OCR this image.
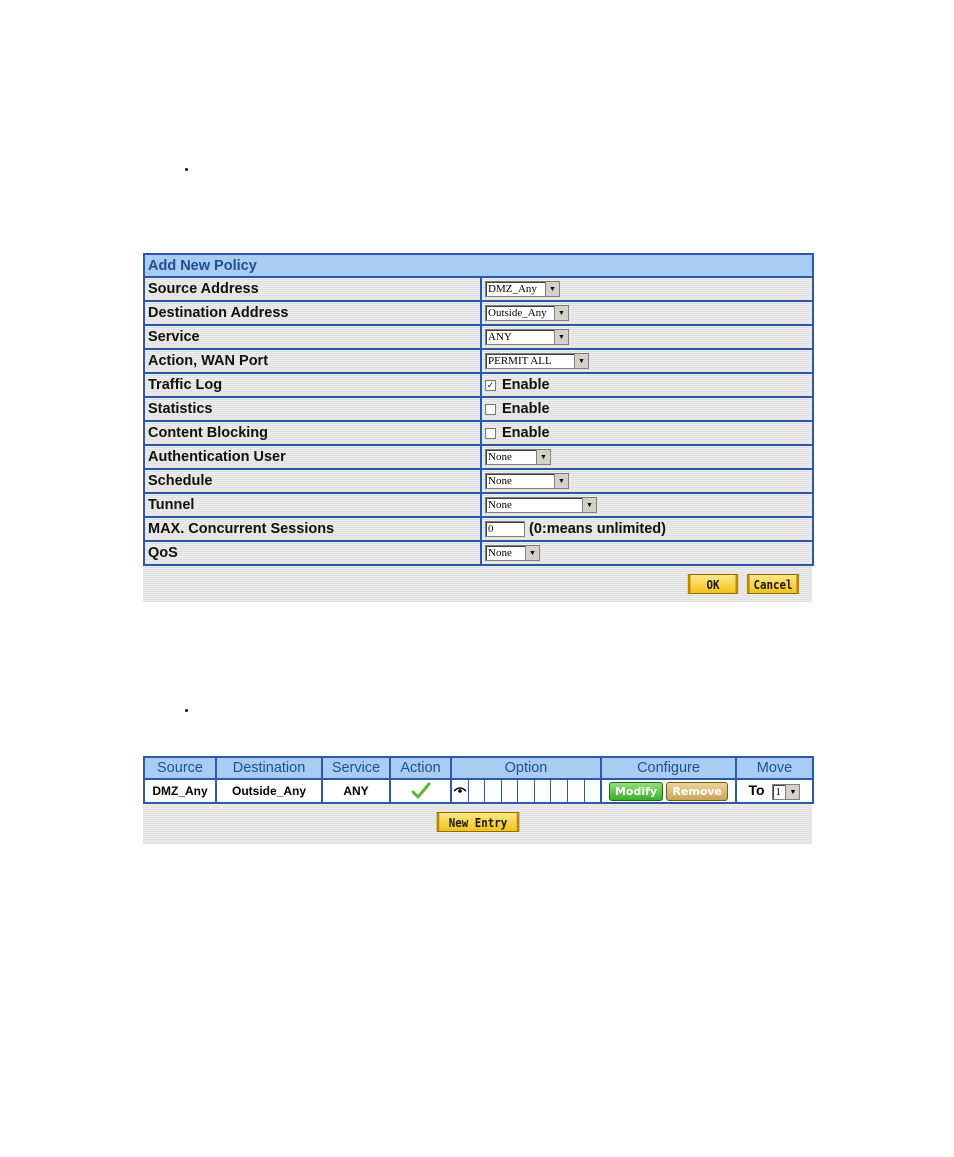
Add New Policy	
Source Address	DMZ_Any ▼

Destination Address	Outside_Any ▼

Service	ANY ▼

Action, WAN Port	PERMIT ALL ▼

Traffic Log	✓ Enable
Statistics	Enable
Content Blocking	Enable
Authentication User	None ▼

Schedule	None ▼

Tunnel	None ▼

MAX. Concurrent Sessions	0 (0:means unlimited)
QoS	None ▼
OK	Cancel
Source	Destination	Service	Action	Option	Configure	Move
DMZ_Any	Outside_Any	ANY			Modify Remove	To 1 ▼
New Entry
